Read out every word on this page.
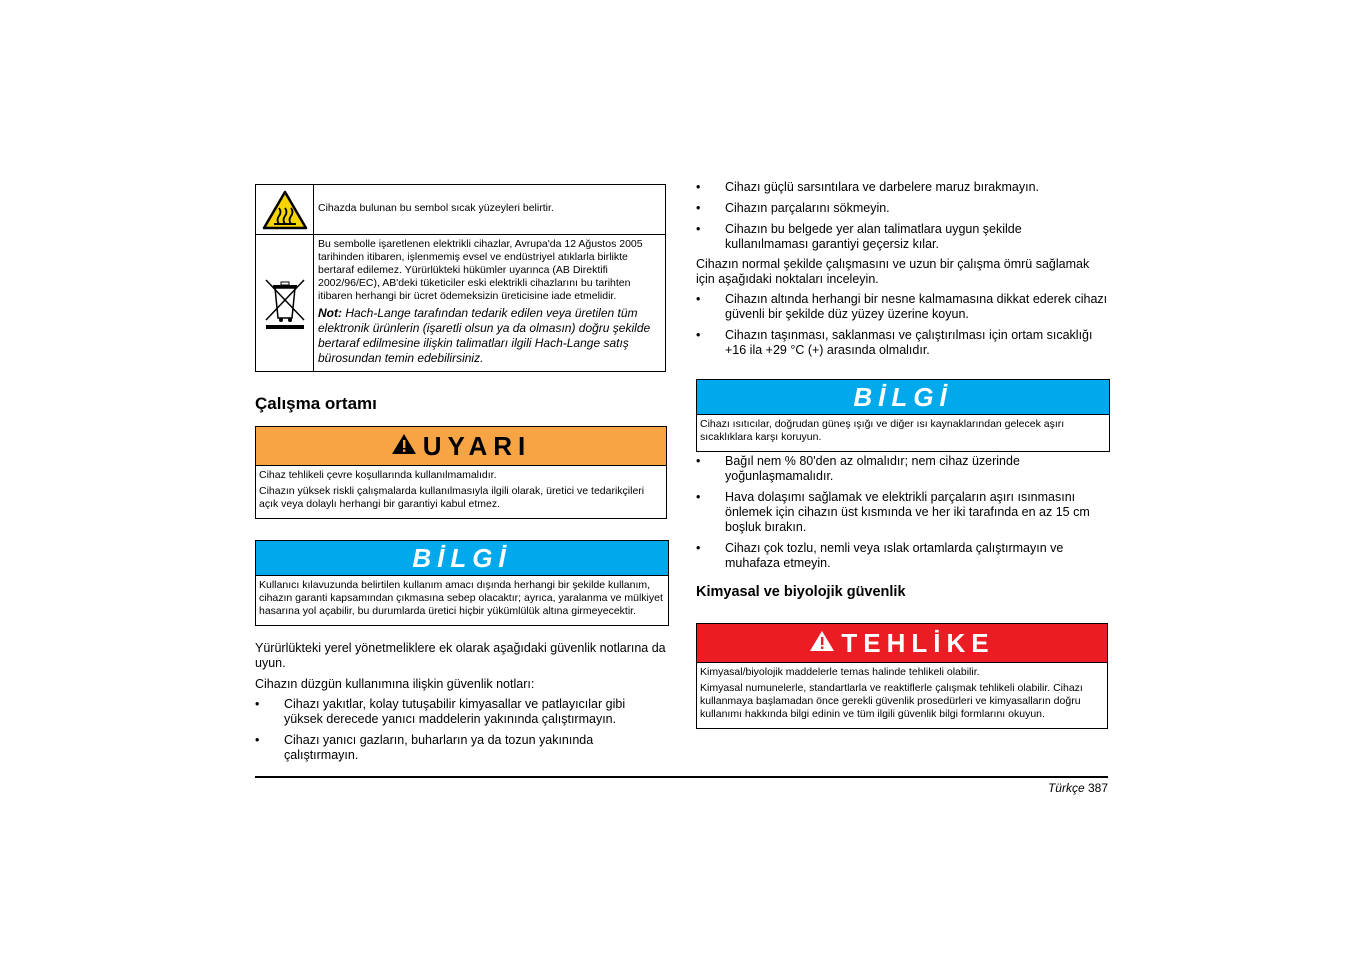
Cihazda bulunan bu sembol sıcak yüzeyleri belirtir.
Bu sembolle işaretlenen elektrikli cihazlar, Avrupa'da 12 Ağustos 2005 tarihinden itibaren, işlenmemiş evsel ve endüstriyel atıklarla birlikte bertaraf edilemez. Yürürlükteki hükümler uyarınca (AB Direktifi 2002/96/EC), AB'deki tüketiciler eski elektrikli cihazlarını bu tarihten itibaren herhangi bir ücret ödemeksizin üreticisine iade etmelidir.
Not: Hach-Lange tarafından tedarik edilen veya üretilen tüm elektronik ürünlerin (işaretli olsun ya da olmasın) doğru şekilde bertaraf edilmesine ilişkin talimatları ilgili Hach-Lange satış bürosundan temin edebilirsiniz.
Çalışma ortamı
UYARI

Cihaz tehlikeli çevre koşullarında kullanılmamalıdır.

Cihazın yüksek riskli çalışmalarda kullanılmasıyla ilgili olarak, üretici ve tedarikçileri açık veya dolaylı herhangi bir garantiyi kabul etmez.

BİLGİ

Kullanıcı kılavuzunda belirtilen kullanım amacı dışında herhangi bir şekilde kullanım, cihazın garanti kapsamından çıkmasına sebep olacaktır; ayrıca, yaralanma ve mülkiyet hasarına yol açabilir, bu durumlarda üretici hiçbir yükümlülük altına girmeyecektir.

Yürürlükteki yerel yönetmeliklere ek olarak aşağıdaki güvenlik notlarına da uyun.

Cihazın düzgün kullanımına ilişkin güvenlik notları:

• Cihazı yakıtlar, kolay tutuşabilir kimyasallar ve patlayıcılar gibi yüksek derecede yanıcı maddelerin yakınında çalıştırmayın.
• Cihazı yanıcı gazların, buharların ya da tozun yakınında çalıştırmayın.
• Cihazı güçlü sarsıntılara ve darbelere maruz bırakmayın.
• Cihazın parçalarını sökmeyin.
• Cihazın bu belgede yer alan talimatlara uygun şekilde kullanılmaması garantiyi geçersiz kılar.

Cihazın normal şekilde çalışmasını ve uzun bir çalışma ömrü sağlamak için aşağıdaki noktaları inceleyin.

• Cihazın altında herhangi bir nesne kalmamasına dikkat ederek cihazı güvenli bir şekilde düz yüzey üzerine koyun.
• Cihazın taşınması, saklanması ve çalıştırılması için ortam sıcaklığı +16 ila +29 °C (+) arasında olmalıdır.
BİLGİ

Cihazı ısıtıcılar, doğrudan güneş ışığı ve diğer ısı kaynaklarından gelecek aşırı sıcaklıklara karşı koruyun.

• Bağıl nem % 80'den az olmalıdır; nem cihaz üzerinde yoğunlaşmamalıdır.
• Hava dolaşımı sağlamak ve elektrikli parçaların aşırı ısınmasını önlemek için cihazın üst kısmında ve her iki tarafında en az 15 cm boşluk bırakın.
• Cihazı çok tozlu, nemli veya ıslak ortamlarda çalıştırmayın ve muhafaza etmeyin.
Kimyasal ve biyolojik güvenlik
TEHLİKE

Kimyasal/biyolojik maddelerle temas halinde tehlikeli olabilir.

Kimyasal numunelerle, standartlarla ve reaktiflerle çalışmak tehlikeli olabilir. Cihazı kullanmaya başlamadan önce gerekli güvenlik prosedürleri ve kimyasalların doğru kullanımı hakkında bilgi edinin ve tüm ilgili güvenlik bilgi formlarını okuyun.

Türkçe 387
